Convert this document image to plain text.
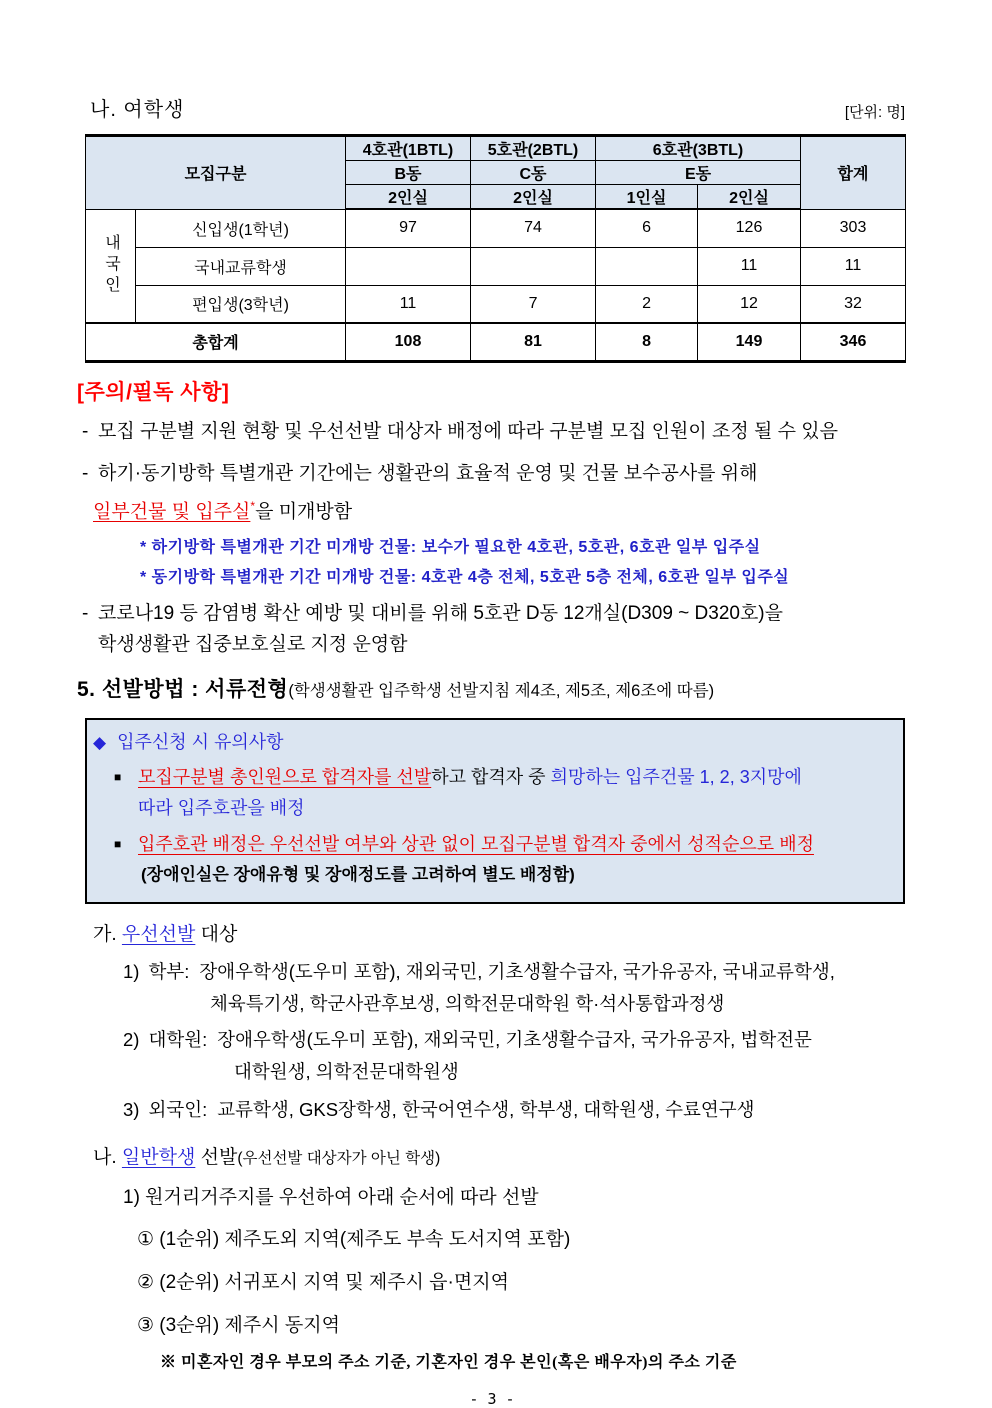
나. 여학생	[단위: 명]
모집구분		4호관(1BTL)	5호관(2BTL)	6호관(3BTL)		합계
		B동	C동	E동		
		2인실	2인실	1인실	2인실	

내국인	신입생(1학년)	97	74	6	126	303
	국내교류학생				11	11
	편입생(3학년)	11	7	2	12	32
총합계		108	81	8	149	346
[주의/필독 사항]
- 모집 구분별 지원 현황 및 우선선발 대상자 배정에 따라 구분별 모집 인원이 조정 될 수 있음
- 하기·동기방학 특별개관 기간에는 생활관의 효율적 운영 및 건물 보수공사를 위해
일부건물 및 입주실*을 미개방함
* 하기방학 특별개관 기간 미개방 건물: 보수가 필요한 4호관, 5호관, 6호관 일부 입주실
* 동기방학 특별개관 기간 미개방 건물: 4호관 4층 전체, 5호관 5층 전체, 6호관 일부 입주실
- 코로나19 등 감염병 확산 예방 및 대비를 위해 5호관 D동 12개실(D309 ~ D320호)을
학생생활관 집중보호실로 지정 운영함
5. 선발방법 : 서류전형(학생생활관 입주학생 선발지침 제4조, 제5조, 제6조에 따름)
◆ 입주신청 시 유의사항
■ 모집구분별 총인원으로 합격자를 선발하고 합격자 중 희망하는 입주건물 1, 2, 3지망에
따라 입주호관을 배정
■ 입주호관 배정은 우선선발 여부와 상관 없이 모집구분별 합격자 중에서 성적순으로 배정
(장애인실은 장애유형 및 장애정도를 고려하여 별도 배정함)
가. 우선선발 대상
1) 학부: 장애우학생(도우미 포함), 재외국민, 기초생활수급자, 국가유공자, 국내교류학생,
체육특기생, 학군사관후보생, 의학전문대학원 학·석사통합과정생
2) 대학원: 장애우학생(도우미 포함), 재외국민, 기초생활수급자, 국가유공자, 법학전문
대학원생, 의학전문대학원생
3) 외국인: 교류학생, GKS장학생, 한국어연수생, 학부생, 대학원생, 수료연구생
나. 일반학생 선발(우선선발 대상자가 아닌 학생)
1) 원거리거주지를 우선하여 아래 순서에 따라 선발
① (1순위) 제주도외 지역(제주도 부속 도서지역 포함)
② (2순위) 서귀포시 지역 및 제주시 읍·면지역
③ (3순위) 제주시 동지역
※ 미혼자인 경우 부모의 주소 기준, 기혼자인 경우 본인(혹은 배우자)의 주소 기준
- 3 -
